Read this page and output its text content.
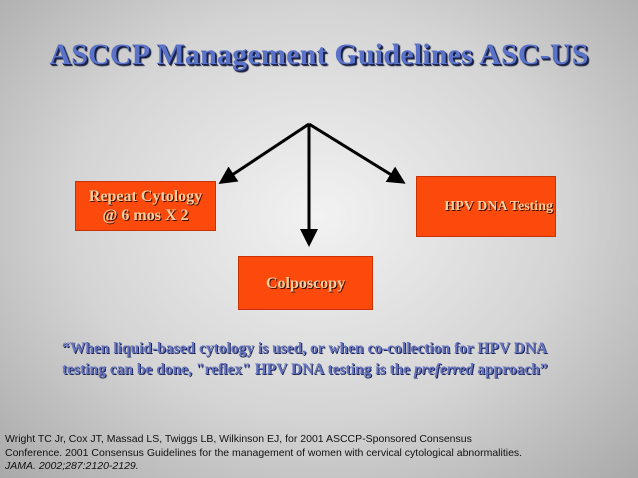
ASCCP Management Guidelines ASC-US
Repeat Cytology
@ 6 mos X 2
HPV DNA Testing
Colposcopy
“When liquid-based cytology is used, or when co-collection for HPV DNA
testing can be done, "reflex" HPV DNA testing is the preferred approach”
Wright TC Jr, Cox JT, Massad LS, Twiggs LB, Wilkinson EJ, for 2001 ASCCP-Sponsored Consensus
Conference. 2001 Consensus Guidelines for the management of women with cervical cytological abnormalities.
JAMA. 2002;287:2120-2129.
